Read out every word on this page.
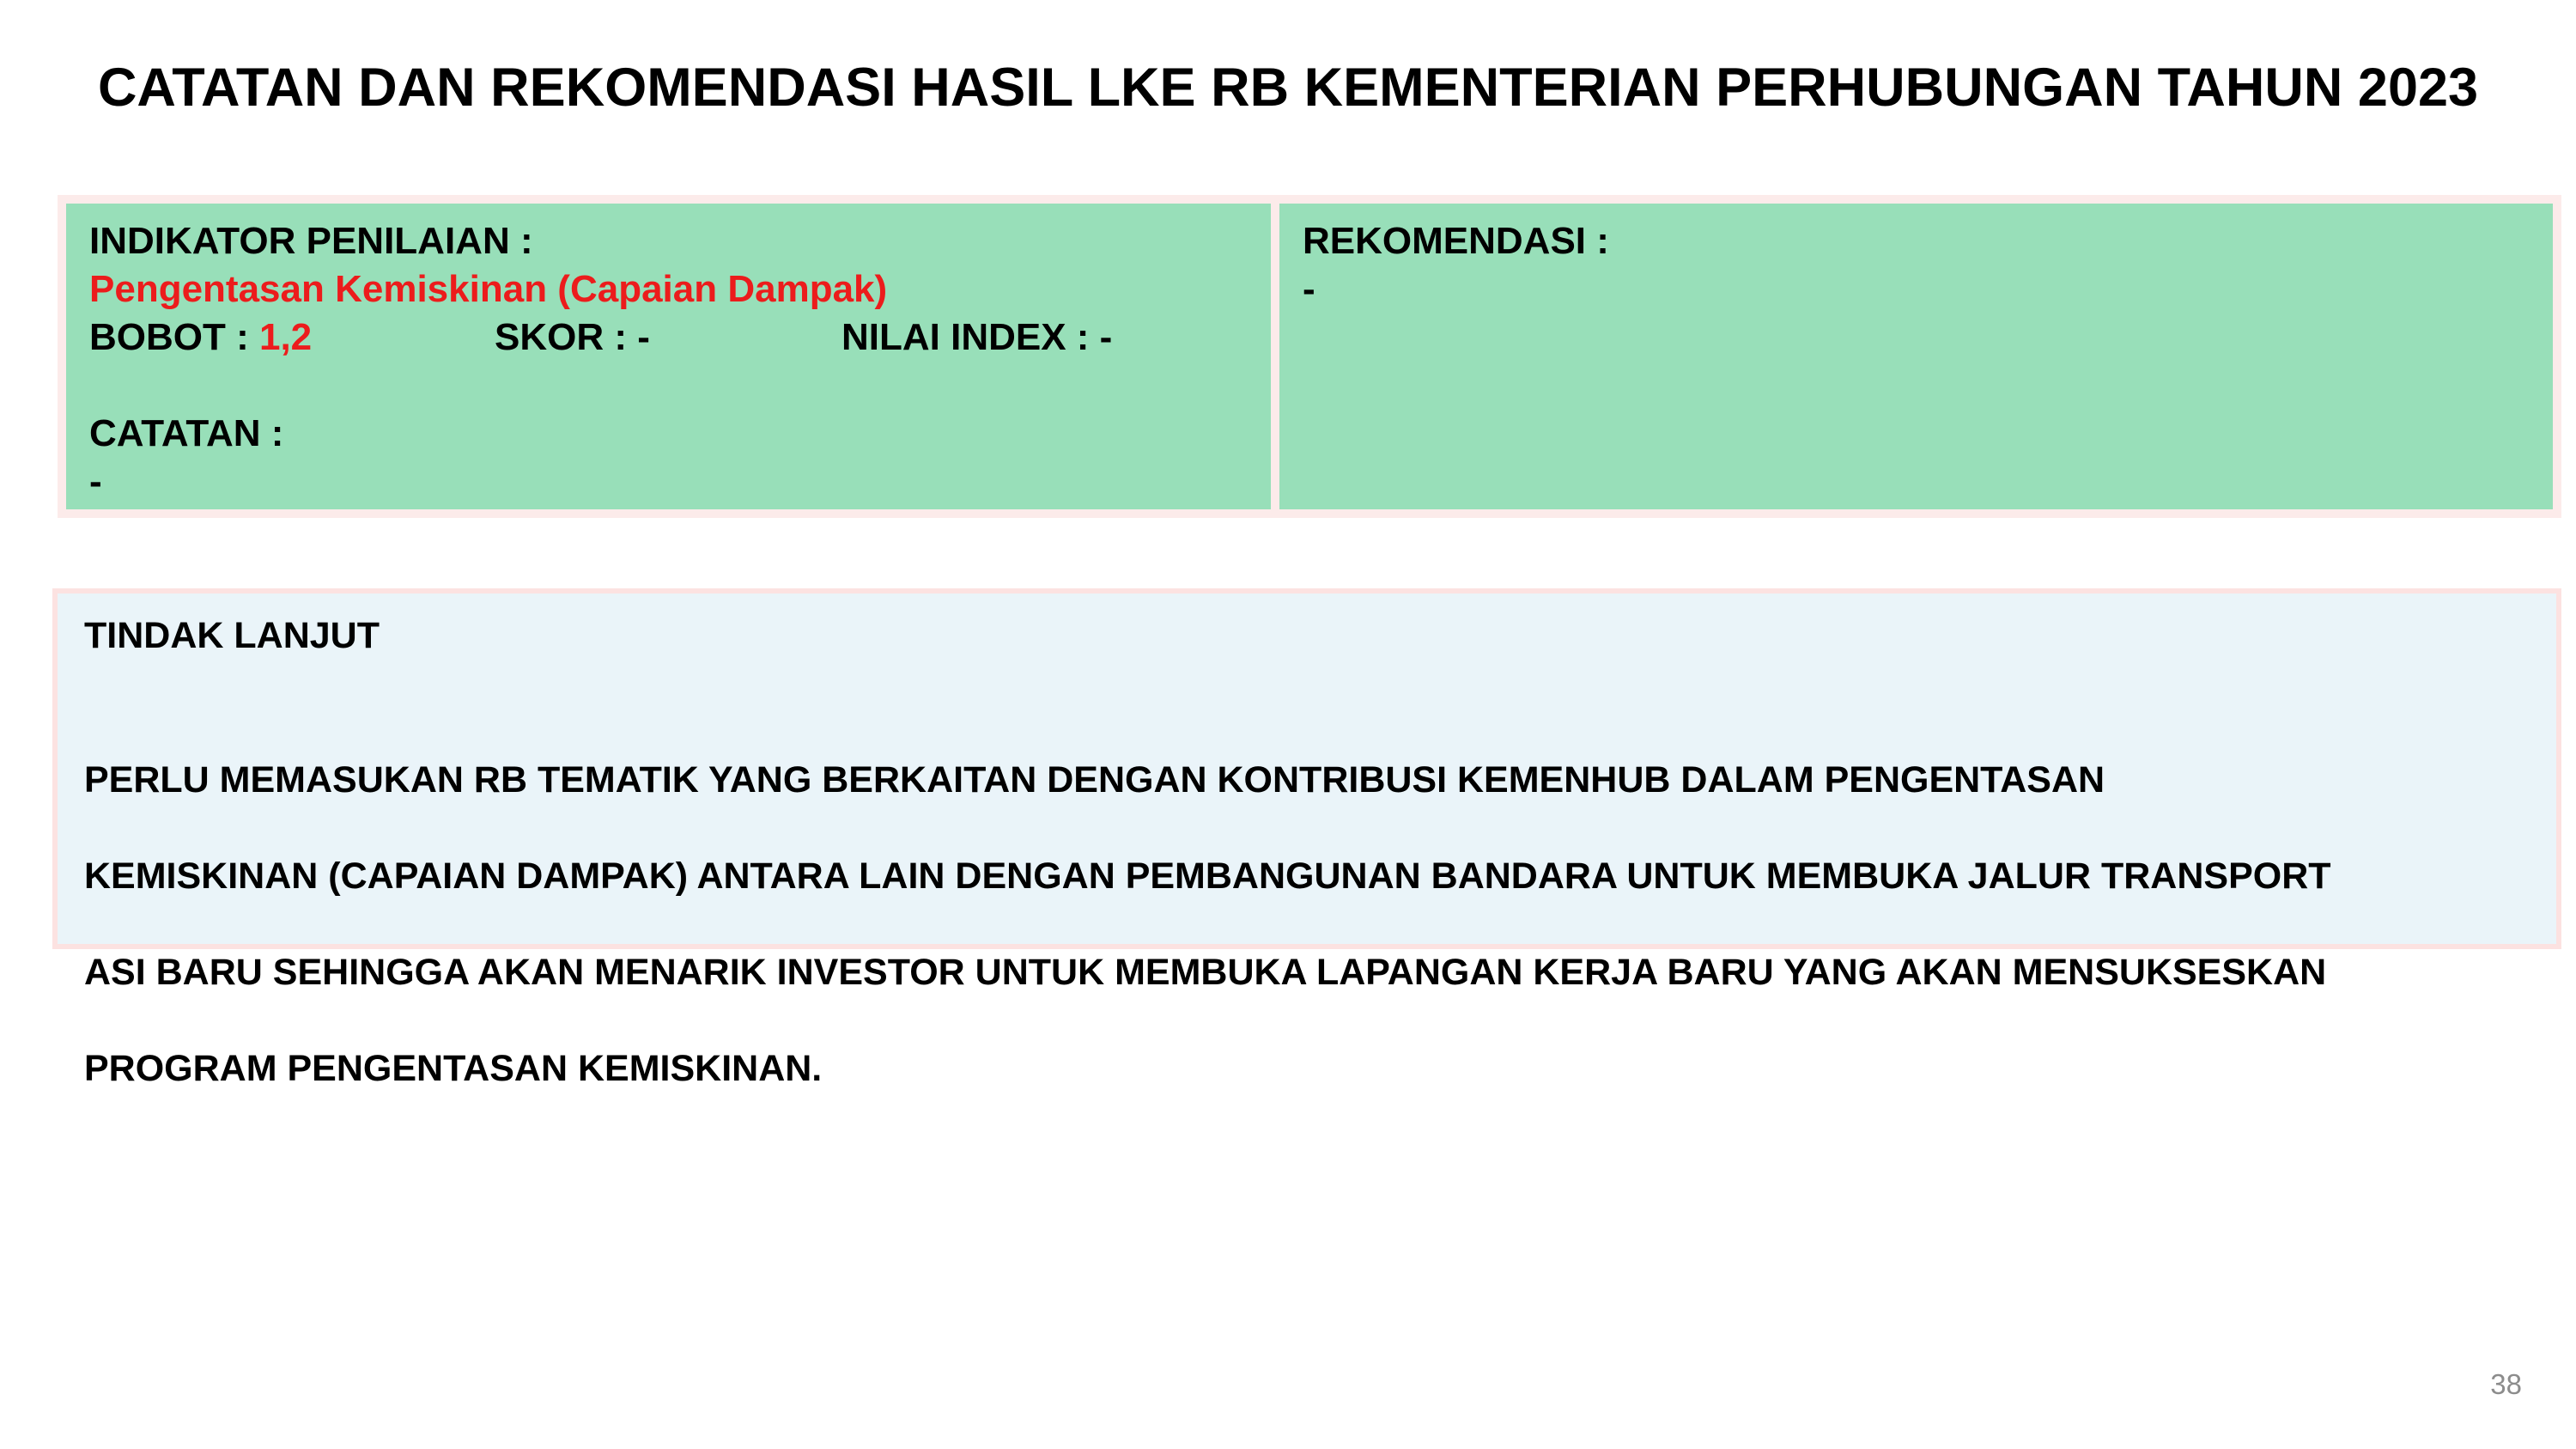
CATATAN DAN REKOMENDASI HASIL LKE RB KEMENTERIAN PERHUBUNGAN TAHUN 2023
INDIKATOR PENILAIAN :
Pengentasan Kemiskinan (Capaian Dampak)
BOBOT : 1,2	SKOR : -	NILAI INDEX : -
CATATAN :
-
REKOMENDASI :
-
TINDAK LANJUT

PERLU MEMASUKAN RB TEMATIK YANG BERKAITAN DENGAN KONTRIBUSI KEMENHUB DALAM PENGENTASAN

KEMISKINAN (CAPAIAN DAMPAK) ANTARA LAIN DENGAN PEMBANGUNAN BANDARA UNTUK MEMBUKA JALUR TRANSPORT

ASI BARU SEHINGGA AKAN MENARIK INVESTOR UNTUK MEMBUKA LAPANGAN KERJA BARU YANG AKAN MENSUKSESKAN

PROGRAM PENGENTASAN KEMISKINAN.

38
